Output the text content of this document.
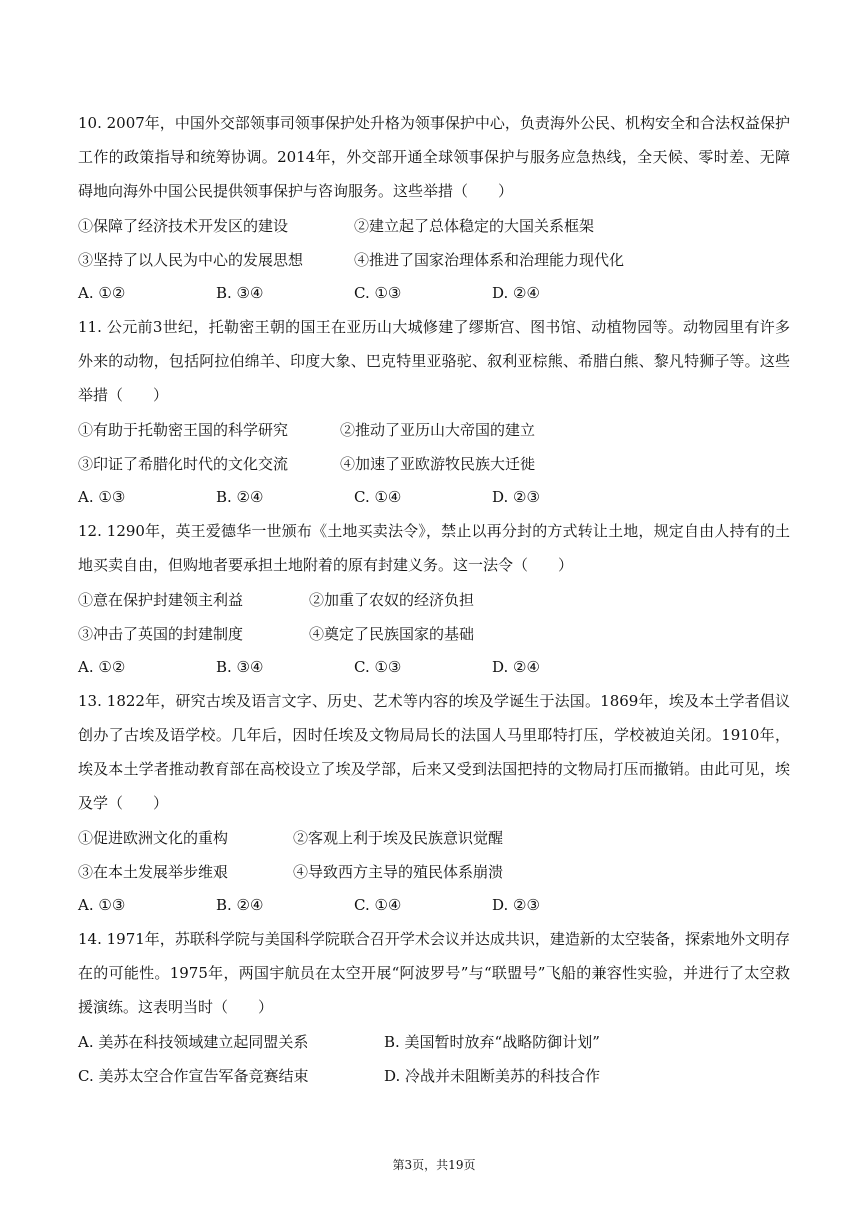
10. 2007年，中国外交部领事司领事保护处升格为领事保护中心，负责海外公民、机构安全和合法权益保护工作的政策指导和统筹协调。2014年，外交部开通全球领事保护与服务应急热线，全天候、零时差、无障碍地向海外中国公民提供领事保护与咨询服务。这些举措（　　）

①保障了经济技术开发区的建设	②建立起了总体稳定的大国关系框架
③坚持了以人民为中心的发展思想	④推进了国家治理体系和治理能力现代化
A. ①②	B. ③④	C. ①③	D. ②④

11. 公元前3世纪，托勒密王朝的国王在亚历山大城修建了缪斯宫、图书馆、动植物园等。动物园里有许多外来的动物，包括阿拉伯绵羊、印度大象、巴克特里亚骆驼、叙利亚棕熊、希腊白熊、黎凡特狮子等。这些举措（　　）

①有助于托勒密王国的科学研究	②推动了亚历山大帝国的建立
③印证了希腊化时代的文化交流	④加速了亚欧游牧民族大迁徙
A. ①③	B. ②④	C. ①④	D. ②③

12. 1290年，英王爱德华一世颁布《土地买卖法令》，禁止以再分封的方式转让土地，规定自由人持有的土地买卖自由，但购地者要承担土地附着的原有封建义务。这一法令（　　）

①意在保护封建领主利益	②加重了农奴的经济负担
③冲击了英国的封建制度	④奠定了民族国家的基础
A. ①②	B. ③④	C. ①③	D. ②④

13. 1822年，研究古埃及语言文字、历史、艺术等内容的埃及学诞生于法国。1869年，埃及本土学者倡议创办了古埃及语学校。几年后，因时任埃及文物局局长的法国人马里耶特打压，学校被迫关闭。1910年，埃及本土学者推动教育部在高校设立了埃及学部，后来又受到法国把持的文物局打压而撤销。由此可见，埃及学（　　）

①促进欧洲文化的重构	②客观上利于埃及民族意识觉醒
③在本土发展举步维艰	④导致西方主导的殖民体系崩溃
A. ①③	B. ②④	C. ①④	D. ②③

14. 1971年，苏联科学院与美国科学院联合召开学术会议并达成共识，建造新的太空装备，探索地外文明存在的可能性。1975年，两国宇航员在太空开展“阿波罗号”与“联盟号”飞船的兼容性实验，并进行了太空救援演练。这表明当时（　　）

A. 美苏在科技领域建立起同盟关系	B. 美国暂时放弃“战略防御计划”
C. 美苏太空合作宣告军备竞赛结束	D. 冷战并未阻断美苏的科技合作
第3页，共19页
